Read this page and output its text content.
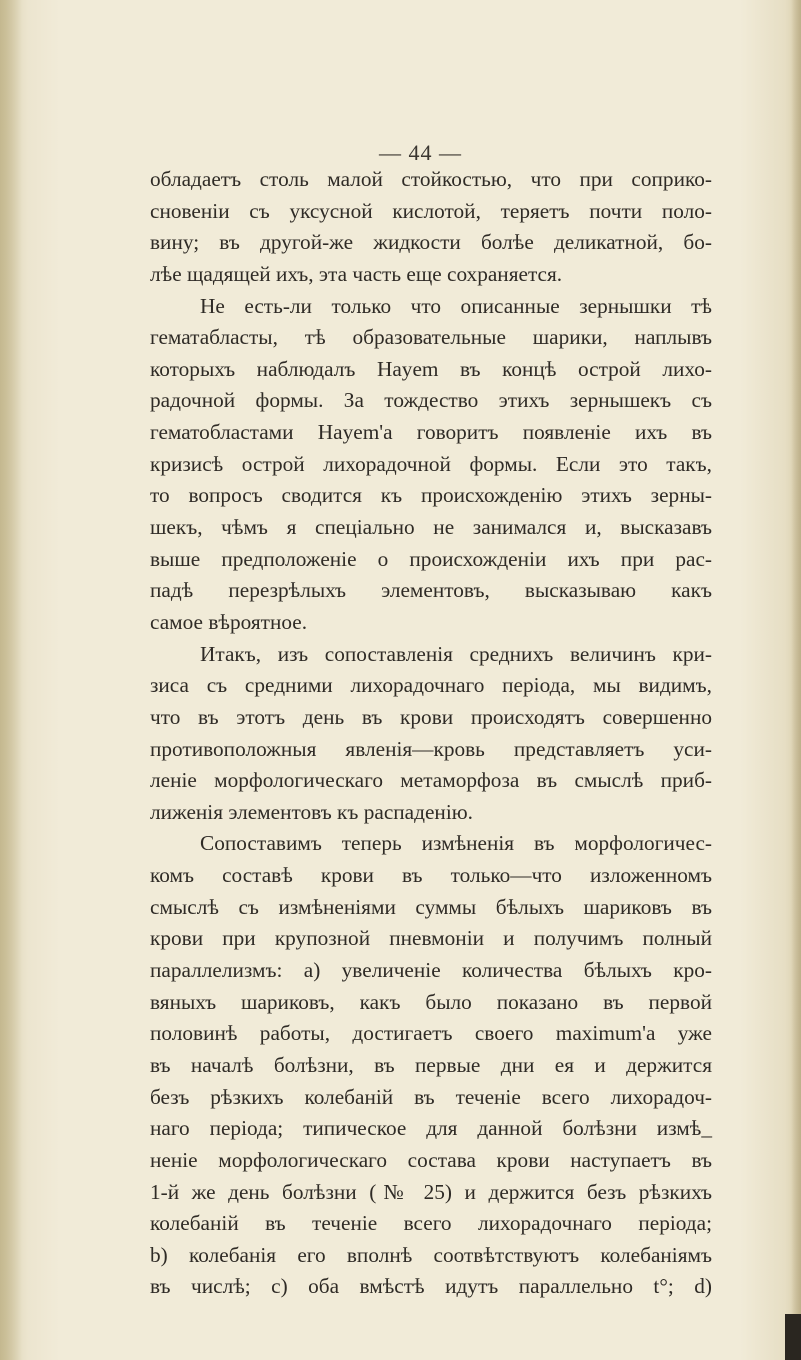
— 44 —
обладаетъ столь малой стойкостью, что при соприко-
сновенiи съ уксусной кислотой, теряетъ почти поло-
вину; въ другой-же жидкости болѣе деликатной, бо-
лѣе щадящей ихъ, эта часть еще сохраняется.
Не есть-ли только что описанные зернышки тѣ
гематабласты, тѣ образовательные шарики, наплывъ
которыхъ наблюдалъ Hayem въ концѣ острой лихо-
радочной формы. За тождество этихъ зернышекъ съ
гематобластами Hayem'a говоритъ появленiе ихъ въ
кризисѣ острой лихорадочной формы. Если это такъ,
то вопросъ сводится къ происхожденiю этихъ зерны-
шекъ, чѣмъ я спецiально не занимался и, высказавъ
выше предположенiе о происхожденiи ихъ при рас-
падѣ перезрѣлыхъ элементовъ, высказываю какъ
самое вѣроятное.
Итакъ, изъ сопоставленiя среднихъ величинъ кри-
зиса съ средними лихорадочнаго перiода, мы видимъ,
что въ этотъ день въ крови происходятъ совершенно
противоположныя явленiя—кровь представляетъ уси-
ленiе морфологическаго метаморфоза въ смыслѣ приб-
лиженiя элементовъ къ распаденiю.
Сопоставимъ теперь измѣненiя въ морфологичес-
комъ составѣ крови въ только—что изложенномъ
смыслѣ съ измѣненiями суммы бѣлыхъ шариковъ въ
крови при крупозной пневмонiи и получимъ полный
параллелизмъ: a) увеличенiе количества бѣлыхъ кро-
вяныхъ шариковъ, какъ было показано въ первой
половинѣ работы, достигаетъ своего maximum'a уже
въ началѣ болѣзни, въ первые дни ея и держится
безъ рѣзкихъ колебанiй въ теченiе всего лихорадоч-
наго перiода; типическое для данной болѣзни измѣ_
ненiе морфологическаго состава крови наступаетъ въ
1-й же день болѣзни (№ 25) и держится безъ рѣзкихъ
колебанiй въ теченiе всего лихорадочнаго перiода;
b) колебанiя его вполнѣ соотвѣтствуютъ колебанiямъ
въ числѣ; c) оба вмѣстѣ идутъ параллельно t°; d)
